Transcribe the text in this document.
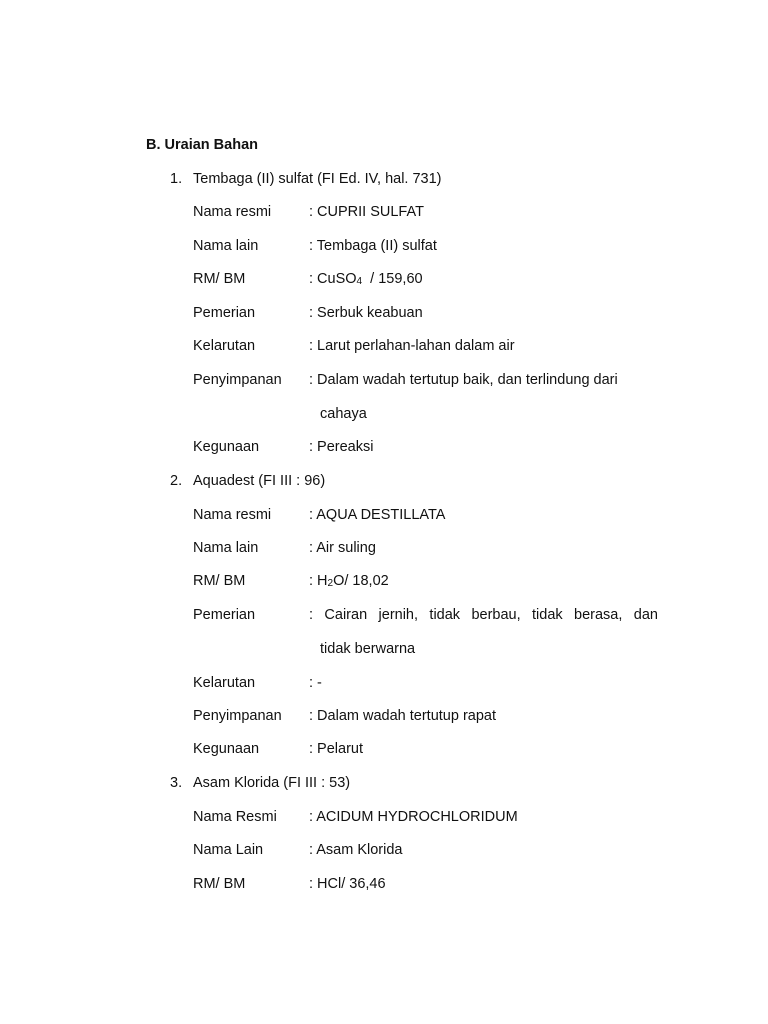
B. Uraian Bahan
1. Tembaga (II) sulfat (FI Ed. IV, hal. 731)
Nama resmi	: CUPRII SULFAT
Nama lain	: Tembaga (II) sulfat
RM/ BM	: CuSO$_4$  / 159,60
Pemerian	: Serbuk keabuan
Kelarutan	: Larut perlahan-lahan dalam air
Penyimpanan : Dalam wadah tertutup baik, dan terlindung dari
cahaya
Kegunaan	: Pereaksi
2. Aquadest (FI III : 96)
Nama resmi	: AQUA DESTILLATA
Nama lain	: Air suling
RM/ BM	: $H_2O/$ 18,02
Pemerian	: Cairan jernih, tidak berbau, tidak berasa, dan
tidak berwarna
Kelarutan	: -
Penyimpanan : Dalam wadah tertutup rapat
Kegunaan	: Pelarut
3. Asam Klorida (FI III : 53)
Nama Resmi : ACIDUM HYDROCHLORIDUM
Nama Lain	: Asam Klorida
RM/ BM	: HCl/ 36,46
